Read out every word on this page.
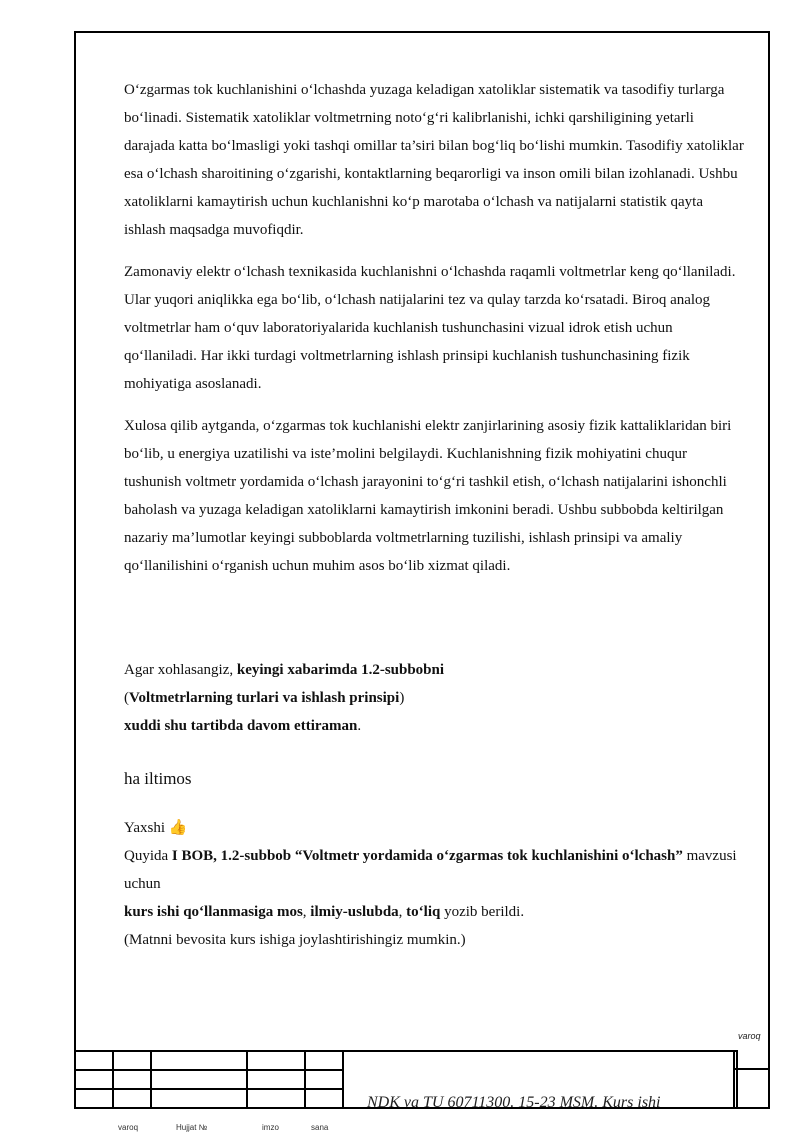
O‘zgarmas tok kuchlanishini o‘lchashda yuzaga keladigan xatoliklar sistematik va tasodifiy turlarga bo‘linadi. Sistematik xatoliklar voltmetrning noto‘g‘ri kalibrlanishi, ichki qarshiligining yetarli darajada katta bo‘lmasligi yoki tashqi omillar ta’siri bilan bog‘liq bo‘lishi mumkin. Tasodifiy xatoliklar esa o‘lchash sharoitining o‘zgarishi, kontaktlarning beqarorligi va inson omili bilan izohlanadi. Ushbu xatoliklarni kamaytirish uchun kuchlanishni ko‘p marotaba o‘lchash va natijalarni statistik qayta ishlash maqsadga muvofiqdir.

Zamonaviy elektr o‘lchash texnikasida kuchlanishni o‘lchashda raqamli voltmetrlar keng qo‘llaniladi. Ular yuqori aniqlikka ega bo‘lib, o‘lchash natijalarini tez va qulay tarzda ko‘rsatadi. Biroq analog voltmetrlar ham o‘quv laboratoriyalarida kuchlanish tushunchasini vizual idrok etish uchun qo‘llaniladi. Har ikki turdagi voltmetrlarning ishlash prinsipi kuchlanish tushunchasining fizik mohiyatiga asoslanadi.

Xulosa qilib aytganda, o‘zgarmas tok kuchlanishi elektr zanjirlarining asosiy fizik kattaliklaridan biri bo‘lib, u energiya uzatilishi va iste’molini belgilaydi. Kuchlanishning fizik mohiyatini chuqur tushunish voltmetr yordamida o‘lchash jarayonini to‘g‘ri tashkil etish, o‘lchash natijalarini ishonchli baholash va yuzaga keladigan xatoliklarni kamaytirish imkonini beradi. Ushbu subbobda keltirilgan nazariy ma’lumotlar keyingi subboblarda voltmetrlarning tuzilishi, ishlash prinsipi va amaliy qo‘llanilishini o‘rganish uchun muhim asos bo‘lib xizmat qiladi.

Agar xohlasangiz, keyingi xabarimda 1.2-subbobni

(Voltmetrlarning turlari va ishlash prinsipi)

xuddi shu tartibda davom ettiraman.

ha iltimos

Yaxshi 👍

Quyida I BOB, 1.2-subbob “Voltmetr yordamida o‘zgarmas tok kuchlanishini o‘lchash” mavzusi uchun

kurs ishi qo‘llanmasiga mos, ilmiy-uslubda, to‘liq yozib berildi.

(Matnni bevosita kurs ishiga joylashtirishingiz mumkin.)

varoq

NDK va TU 60711300. 15-23 MSM. Kurs ishi
varoq	Hujjat №	imzo	sana
